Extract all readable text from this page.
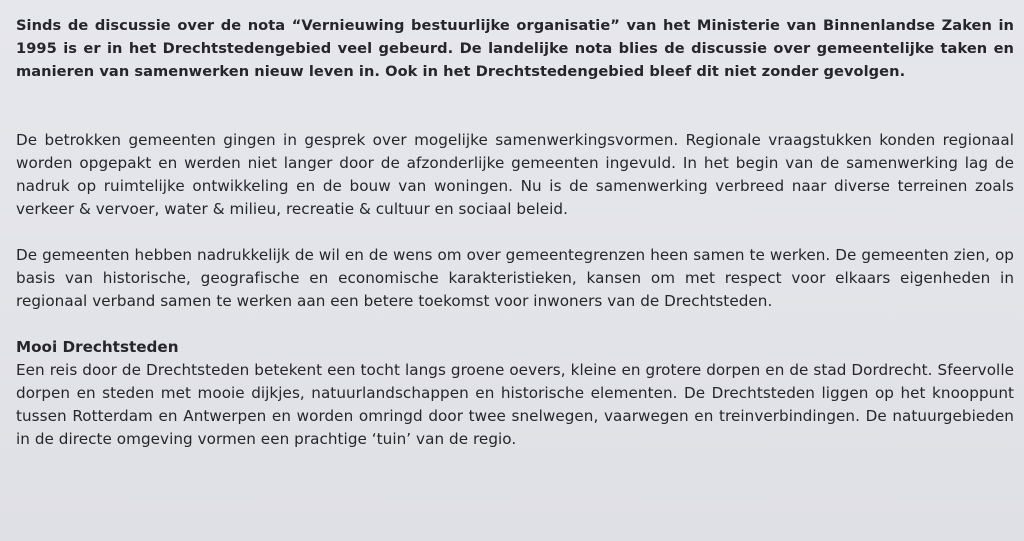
Sinds de discussie over de nota “Vernieuwing bestuurlijke organisatie” van het Ministerie van Binnenlandse Zaken in 1995 is er in het Drechtstedengebied veel gebeurd. De landelijke nota blies de discussie over gemeentelijke taken en manieren van samenwerken nieuw leven in. Ook in het Drechtstedengebied bleef dit niet zonder gevolgen.

De betrokken gemeenten gingen in gesprek over mogelijke samenwerkingsvormen. Regionale vraagstukken konden regionaal worden opgepakt en werden niet langer door de afzonderlijke gemeenten ingevuld. In het begin van de samenwerking lag de nadruk op ruimtelijke ontwikkeling en de bouw van woningen. Nu is de samenwerking verbreed naar diverse terreinen zoals verkeer & vervoer, water & milieu, recreatie & cultuur en sociaal beleid.

De gemeenten hebben nadrukkelijk de wil en de wens om over gemeentegrenzen heen samen te werken. De gemeenten zien, op basis van historische, geografische en economische karakteristieken, kansen om met respect voor elkaars eigenheden in regionaal verband samen te werken aan een betere toekomst voor inwoners van de Drechtsteden.

Mooi Drechtsteden

Een reis door de Drechtsteden betekent een tocht langs groene oevers, kleine en grotere dorpen en de stad Dordrecht. Sfeervolle dorpen en steden met mooie dijkjes, natuurlandschappen en historische elementen. De Drechtsteden liggen op het knooppunt tussen Rotterdam en Antwerpen en worden omringd door twee snelwegen, vaarwegen en treinverbindingen. De natuurgebieden in de directe omgeving vormen een prachtige ‘tuin’ van de regio.
